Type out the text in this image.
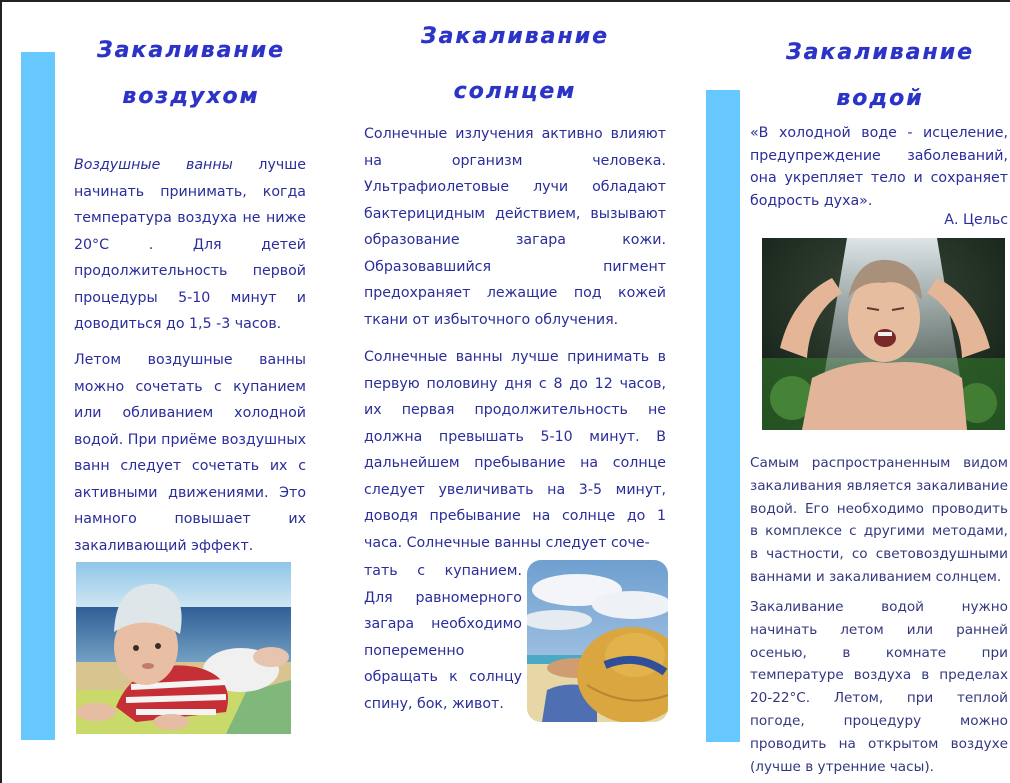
Закаливание
воздухом

Воздушные ванны лучше начинать принимать, когда температура воздуха не ниже 20°С . Для детей продолжительность первой процедуры 5-10 минут и доводиться до 1,5 -3 часов.

Летом воздушные ванны можно сочетать с купанием или обливанием холодной водой. При приёме воздушных ванн следует сочетать их с активными движениями. Это намного повышает их закаливающий эффект.

Закаливание
солнцем

Солнечные излучения активно влияют на организм человека. Ультрафиолетовые лучи обладают бактерицидным действием, вызывают образование загара кожи. Образовавшийся пигмент предохраняет лежащие под кожей ткани от избыточного облучения.

Солнечные ванны лучше принимать в первую половину дня с 8 до 12 часов, их первая продолжительность не должна превышать 5-10 минут. В дальнейшем пребывание на солнце следует увеличивать на 3-5 минут, доводя пребывание на солнце до 1 часа. Солнечные ванны следует соче-

тать с купанием. Для равномерного загара необходимо попеременно обращать к солнцу спину, бок, живот.

Закаливание
водой

«В холодной воде - исцеление, предупреждение заболеваний, она укрепляет тело и сохраняет бодрость духа».

А. Цельс

Самым распространенным видом закаливания является закаливание водой. Его необходимо проводить в комплексе с другими методами, в частности, со световоздушными ваннами и закаливанием солнцем.

Закаливание водой нужно начинать летом или ранней осенью, в комнате при температуре воздуха в пределах 20-22°С. Летом, при теплой погоде, процедуру можно проводить на открытом воздухе (лучше в утренние часы).
